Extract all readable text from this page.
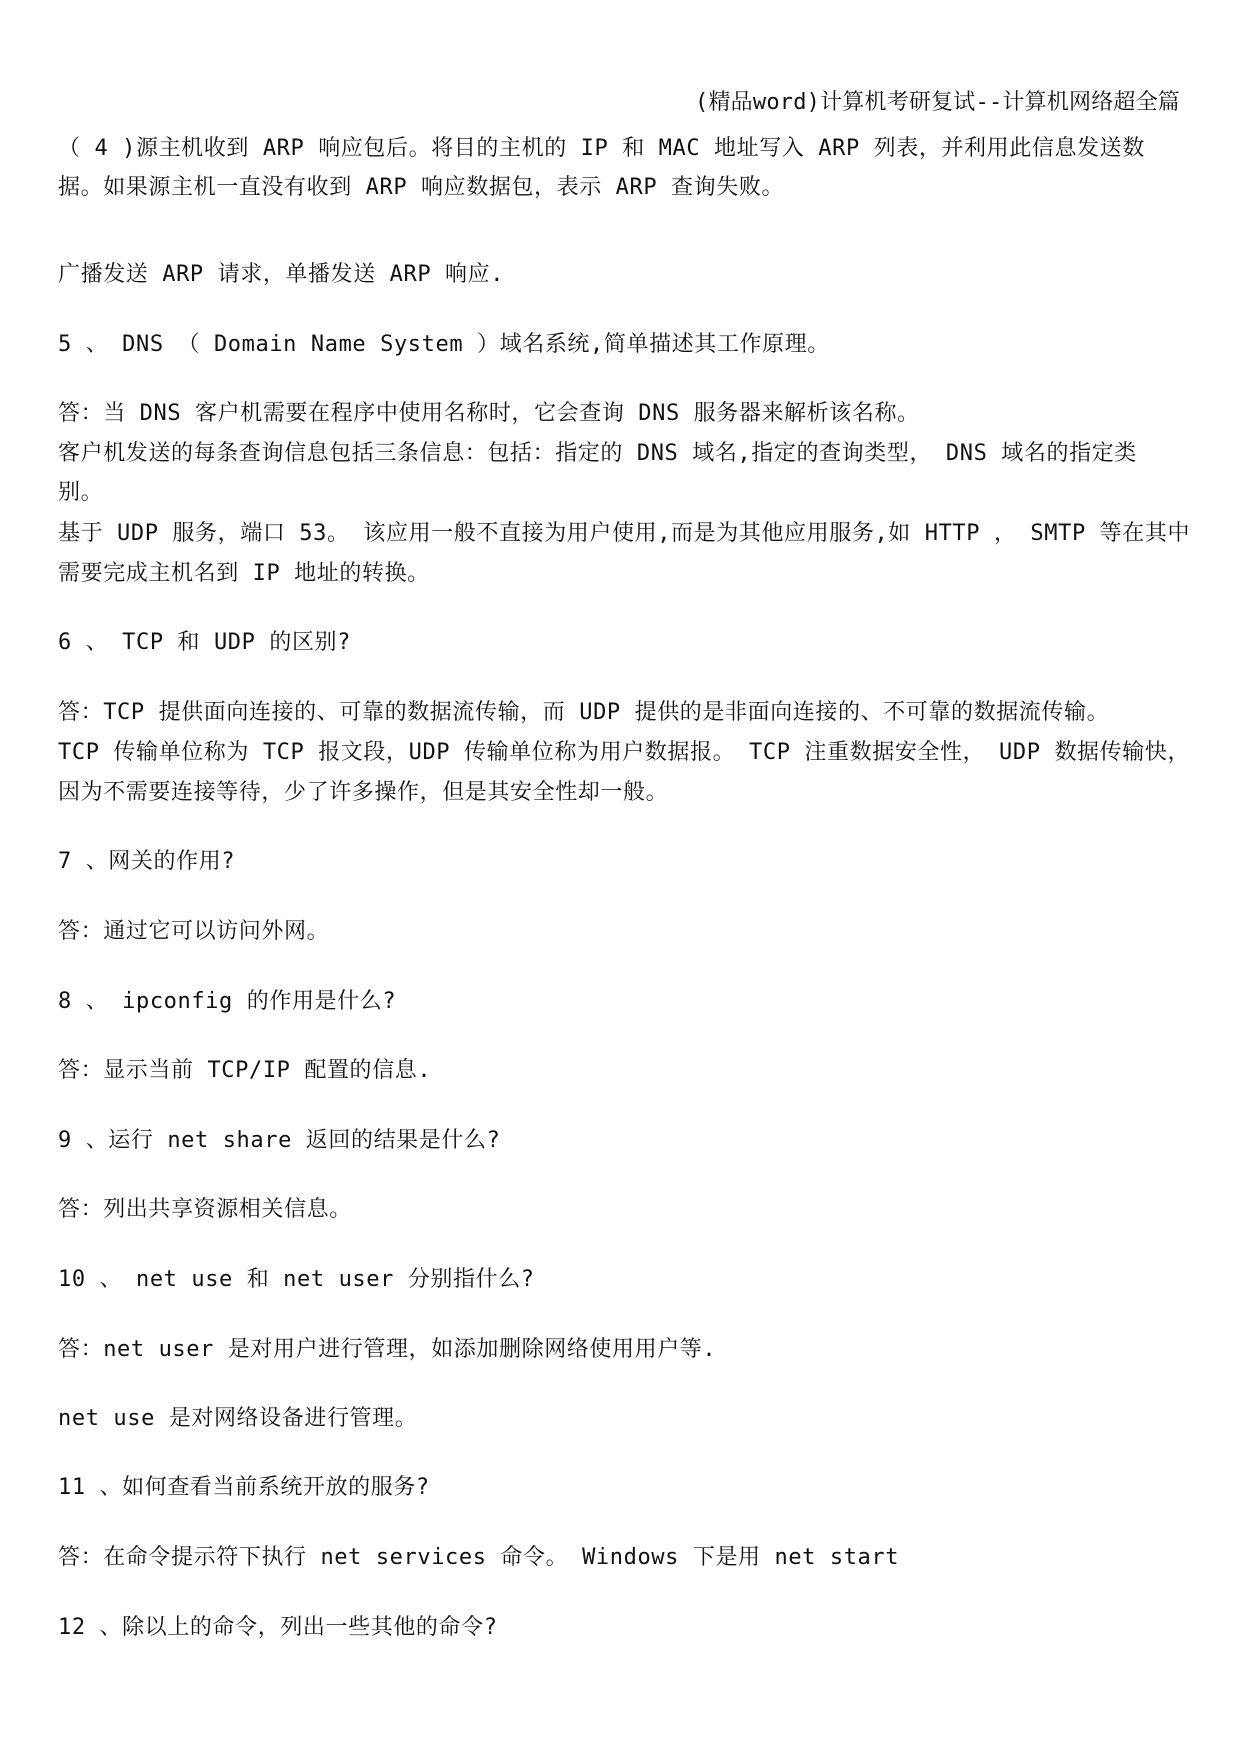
(精品word)计算机考研复试--计算机网络超全篇
（ 4 )源主机收到 ARP 响应包后。将目的主机的 IP 和 MAC 地址写入 ARP 列表，并利用此信息发送数
据。如果源主机一直没有收到 ARP 响应数据包，表示 ARP 查询失败。
广播发送 ARP 请求，单播发送 ARP 响应.
5 、 DNS （ Domain Name System ）域名系统,简单描述其工作原理。
答：当 DNS 客户机需要在程序中使用名称时，它会查询 DNS 服务器来解析该名称。
客户机发送的每条查询信息包括三条信息：包括：指定的 DNS 域名,指定的查询类型， DNS 域名的指定类
别。
基于 UDP 服务，端口 53。 该应用一般不直接为用户使用,而是为其他应用服务,如 HTTP ， SMTP 等在其中
需要完成主机名到 IP 地址的转换。
6 、 TCP 和 UDP 的区别?
答：TCP 提供面向连接的、可靠的数据流传输，而 UDP 提供的是非面向连接的、不可靠的数据流传输。
TCP 传输单位称为 TCP 报文段，UDP 传输单位称为用户数据报。 TCP 注重数据安全性， UDP 数据传输快，
因为不需要连接等待，少了许多操作，但是其安全性却一般。
7 、网关的作用?
答：通过它可以访问外网。
8 、 ipconfig 的作用是什么?
答：显示当前 TCP/IP 配置的信息.
9 、运行 net share 返回的结果是什么?
答：列出共享资源相关信息。
10 、 net use 和 net user 分别指什么?
答：net user 是对用户进行管理，如添加删除网络使用用户等.
net use 是对网络设备进行管理。
11 、如何查看当前系统开放的服务?
答：在命令提示符下执行 net services 命令。 Windows 下是用 net start
12 、除以上的命令，列出一些其他的命令?
